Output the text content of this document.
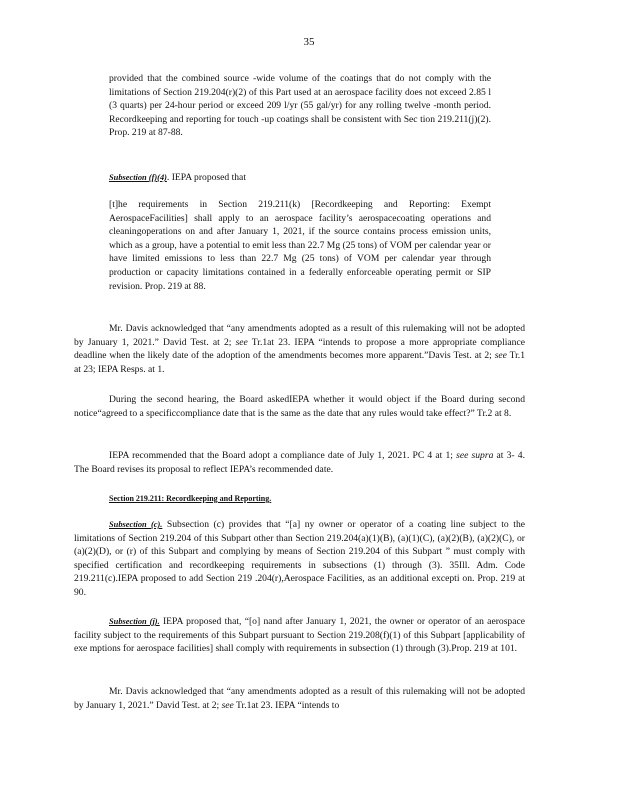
35
provided that the combined source -wide volume of the coatings that do not comply with the limitations of Section 219.204(r)(2) of this Part used at an aerospace facility does not exceed 2.85 l (3 quarts) per 24-hour period or exceed 209 l/yr (55 gal/yr) for any rolling twelve -month period. Recordkeeping and reporting for touch -up coatings shall be consistent with Sec tion 219.211(j)(2). Prop. 219 at 87-88.
Subsection (f)(4). IEPA proposed that
[t]he requirements in Section 219.211(k) [Recordkeeping and Reporting: Exempt AerospaceFacilities] shall apply to an aerospace facility’s aerospacecoating operations and cleaningoperations on and after January 1, 2021, if the source contains process emission units, which as a group, have a potential to emit less than 22.7 Mg (25 tons) of VOM per calendar year or have limited emissions to less than 22.7 Mg (25 tons) of VOM per calendar year through production or capacity limitations contained in a federally enforceable operating permit or SIP revision. Prop. 219 at 88.
Mr. Davis acknowledged that “any amendments adopted as a result of this rulemaking will not be adopted by January 1, 2021.” David Test. at 2; see Tr.1at 23. IEPA “intends to propose a more appropriate compliance deadline when the likely date of the adoption of the amendments becomes more apparent.”Davis Test. at 2; see Tr.1 at 23; IEPA Resps. at 1.
During the second hearing, the Board askedIEPA whether it would object if the Board during second notice“agreed to a specificcompliance date that is the same as the date that any rules would take effect?” Tr.2 at 8.
IEPA recommended that the Board adopt a compliance date of July 1, 2021. PC 4 at 1; see supra at 3- 4. The Board revises its proposal to reflect IEPA’s recommended date.
Section 219.211: Recordkeeping and Reporting.
Subsection (c). Subsection (c) provides that “[a] ny owner or operator of a coating line subject to the limitations of Section 219.204 of this Subpart other than Section 219.204(a)(1)(B), (a)(1)(C), (a)(2)(B), (a)(2)(C), or (a)(2)(D), or (r) of this Subpart and complying by means of Section 219.204 of this Subpart ” must comply with specified certification and recordkeeping requirements in subsections (1) through (3). 35Ill. Adm. Code 219.211(c).IEPA proposed to add Section 219 .204(r),Aerospace Facilities, as an additional excepti on. Prop. 219 at 90.
Subsection (j). IEPA proposed that, “[o] nand after January 1, 2021, the owner or operator of an aerospace facility subject to the requirements of this Subpart pursuant to Section 219.208(f)(1) of this Subpart [applicability of exe mptions for aerospace facilities] shall comply with requirements in subsection (1) through (3).Prop. 219 at 101.
Mr. Davis acknowledged that “any amendments adopted as a result of this rulemaking will not be adopted by January 1, 2021.” David Test. at 2; see Tr.1at 23. IEPA “intends to
